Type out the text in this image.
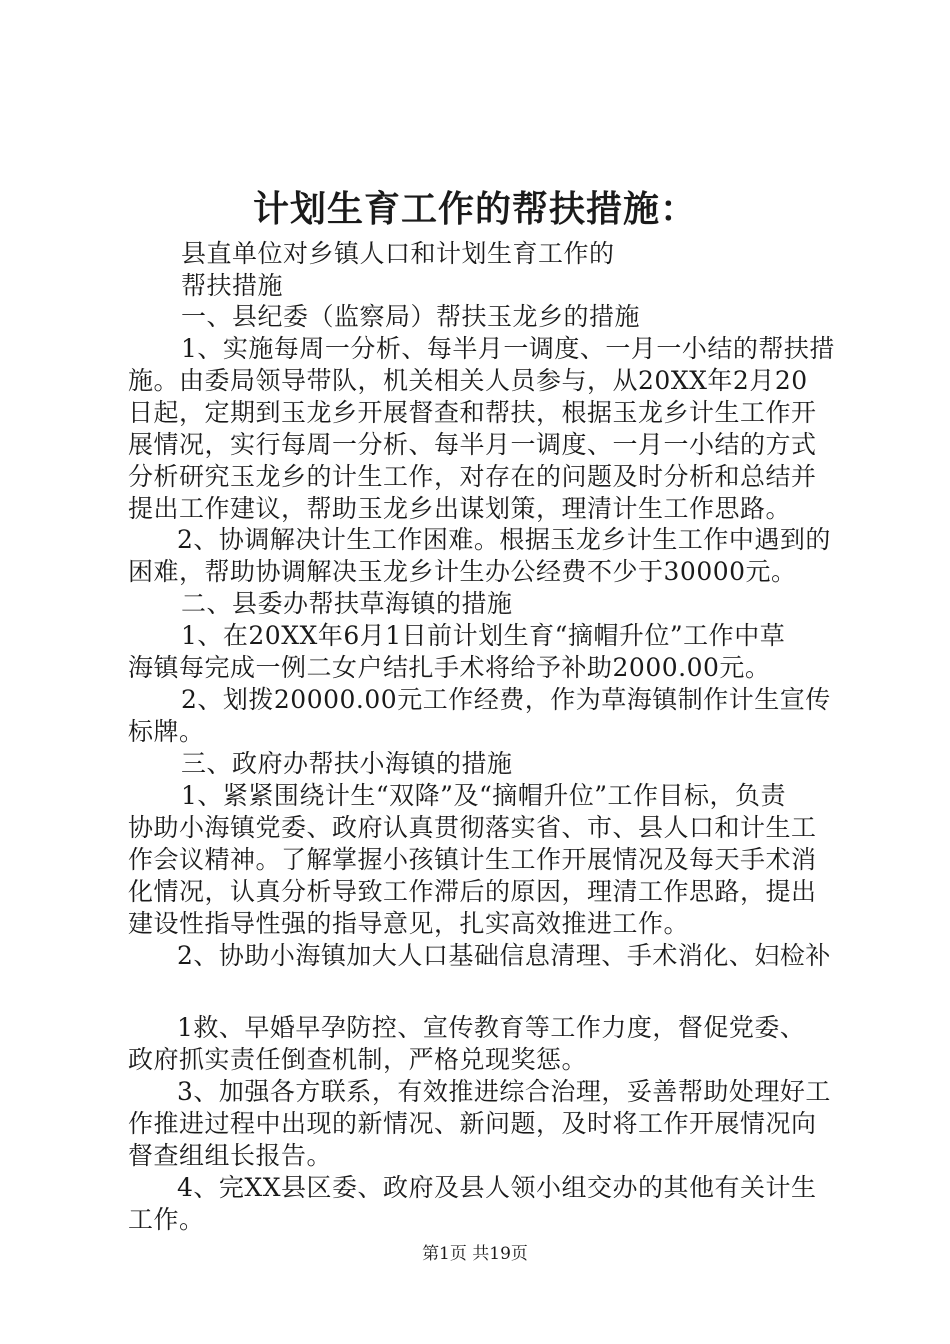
计划生育工作的帮扶措施：
县直单位对乡镇人口和计划生育工作的
帮扶措施
一、县纪委（监察局）帮扶玉龙乡的措施
1、实施每周一分析、每半月一调度、一月一小结的帮扶措
施。由委局领导带队，机关相关人员参与，从20XX年2月20
日起，定期到玉龙乡开展督查和帮扶，根据玉龙乡计生工作开
展情况，实行每周一分析、每半月一调度、一月一小结的方式
分析研究玉龙乡的计生工作，对存在的问题及时分析和总结并
提出工作建议，帮助玉龙乡出谋划策，理清计生工作思路。
2、协调解决计生工作困难。根据玉龙乡计生工作中遇到的
困难，帮助协调解决玉龙乡计生办公经费不少于30000元。
二、县委办帮扶草海镇的措施
1、在20XX年6月1日前计划生育“摘帽升位”工作中草
海镇每完成一例二女户结扎手术将给予补助2000.00元。
2、划拨20000.00元工作经费，作为草海镇制作计生宣传
标牌。
三、政府办帮扶小海镇的措施
1、紧紧围绕计生“双降”及“摘帽升位”工作目标，负责
协助小海镇党委、政府认真贯彻落实省、市、县人口和计生工
作会议精神。了解掌握小孩镇计生工作开展情况及每天手术消
化情况，认真分析导致工作滞后的原因，理清工作思路，提出
建设性指导性强的指导意见，扎实高效推进工作。
2、协助小海镇加大人口基础信息清理、手术消化、妇检补
1救、早婚早孕防控、宣传教育等工作力度，督促党委、
政府抓实责任倒查机制，严格兑现奖惩。
3、加强各方联系，有效推进综合治理，妥善帮助处理好工
作推进过程中出现的新情况、新问题，及时将工作开展情况向
督查组组长报告。
4、完XX县区委、政府及县人领小组交办的其他有关计生
工作。
第1页 共19页
